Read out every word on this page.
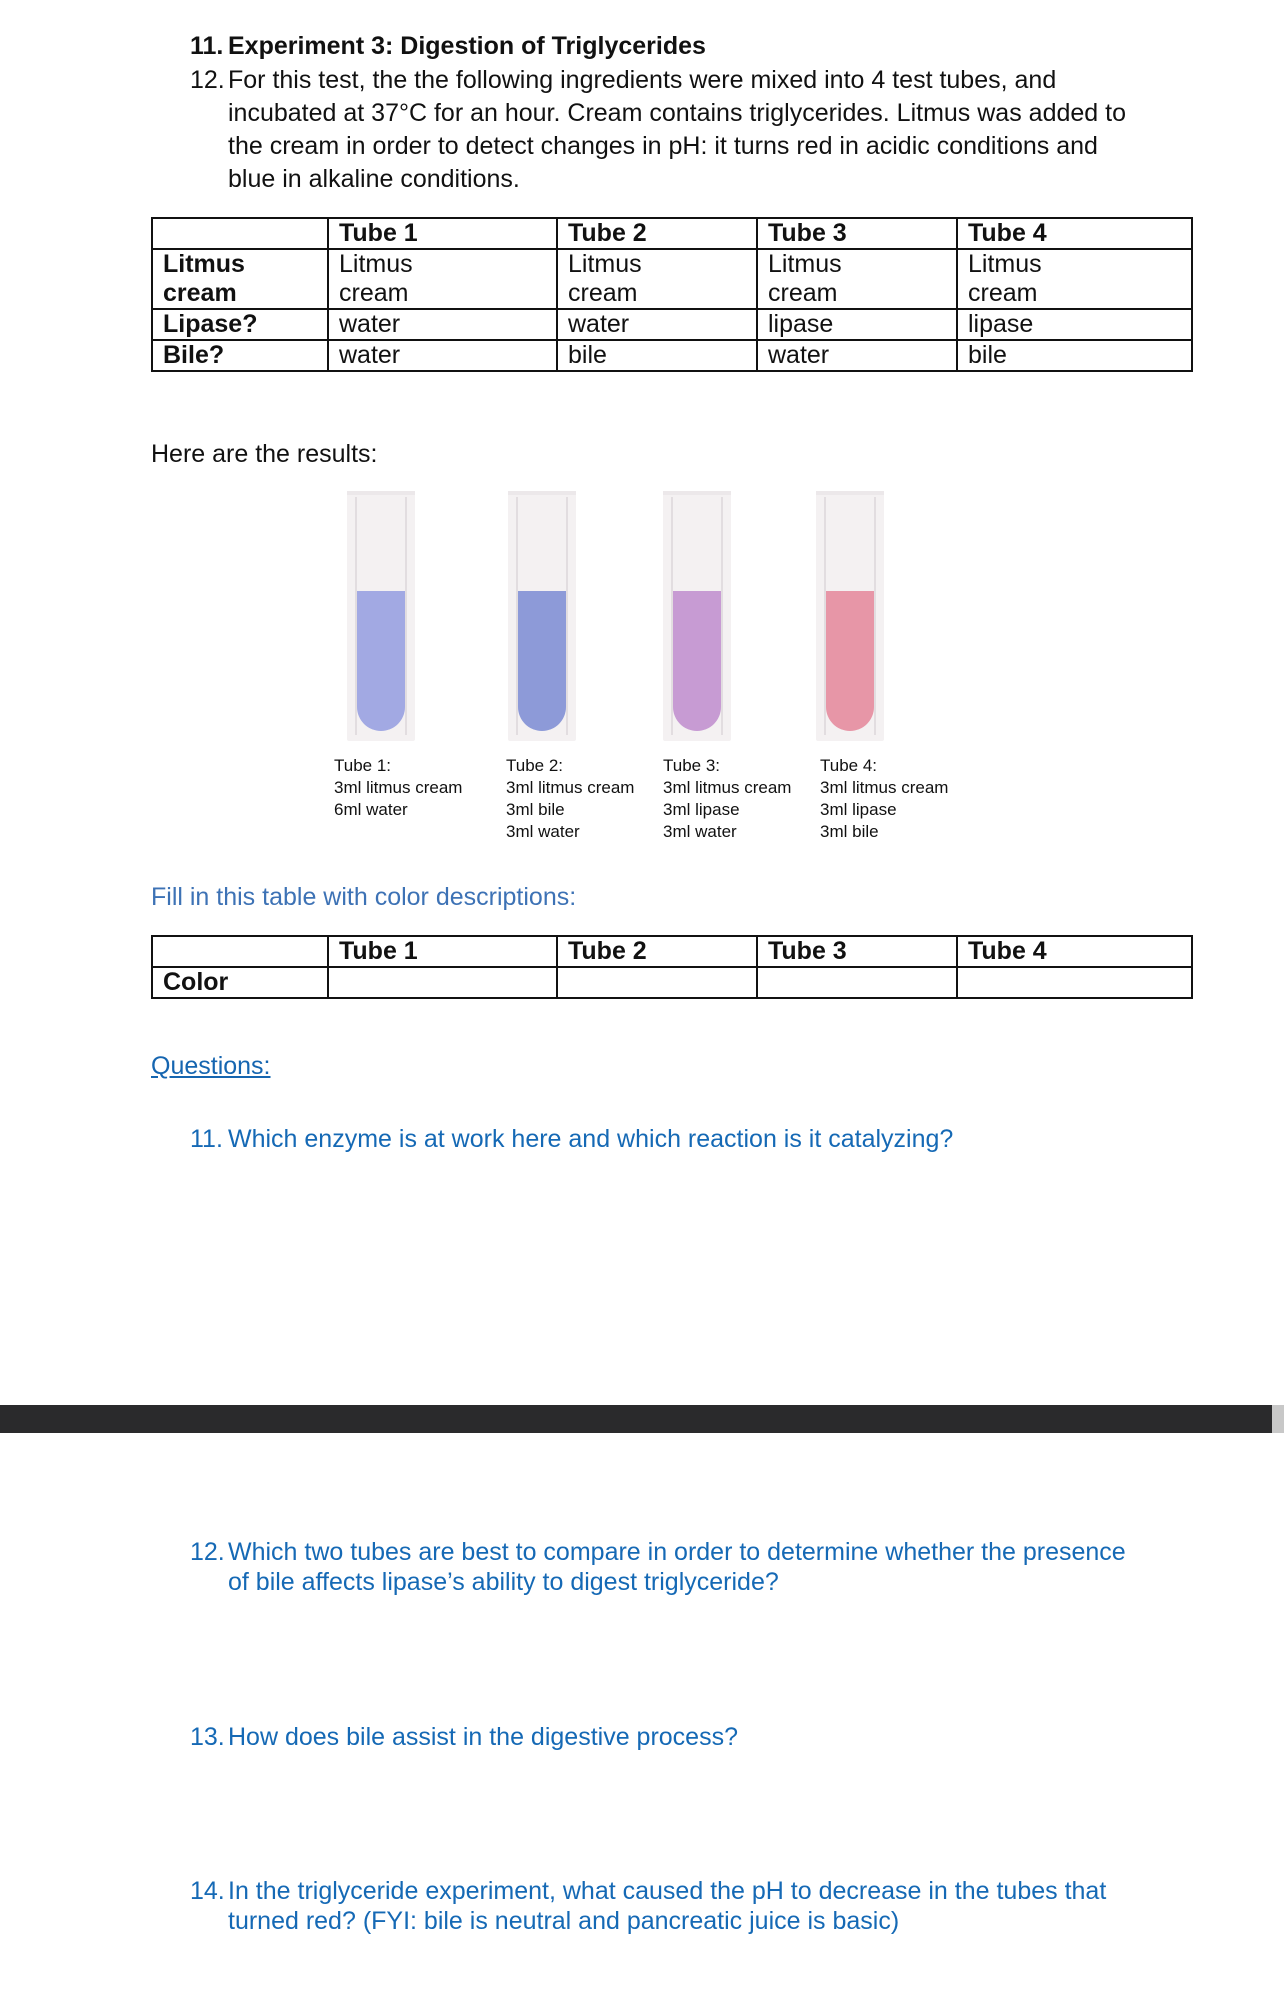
11. Experiment 3: Digestion of Triglycerides
12. For this test, the the following ingredients were mixed into 4 test tubes, and
incubated at 37°C for an hour. Cream contains triglycerides. Litmus was added to the cream in order to detect changes in pH: it turns red in acidic conditions and blue in alkaline conditions.
	Tube 1	Tube 2	Tube 3	Tube 4
Litmus
cream	Litmus
cream	Litmus
cream	Litmus
cream	Litmus
cream
Lipase?	water	water	lipase	lipase
Bile?	water	bile	water	bile
Here are the results:
Tube 1:
3ml litmus cream
6ml water
Tube 2:
3ml litmus cream
3ml bile
3ml water
Tube 3:
3ml litmus cream
3ml lipase
3ml water
Tube 4:
3ml litmus cream
3ml lipase
3ml bile
Fill in this table with color descriptions:
	Tube 1	Tube 2	Tube 3	Tube 4
Color				
Questions:
11. Which enzyme is at work here and which reaction is it catalyzing?
12. Which two tubes are best to compare in order to determine whether the presence
of bile affects lipase’s ability to digest triglyceride?
13. How does bile assist in the digestive process?
14. In the triglyceride experiment, what caused the pH to decrease in the tubes that
turned red? (FYI: bile is neutral and pancreatic juice is basic)
